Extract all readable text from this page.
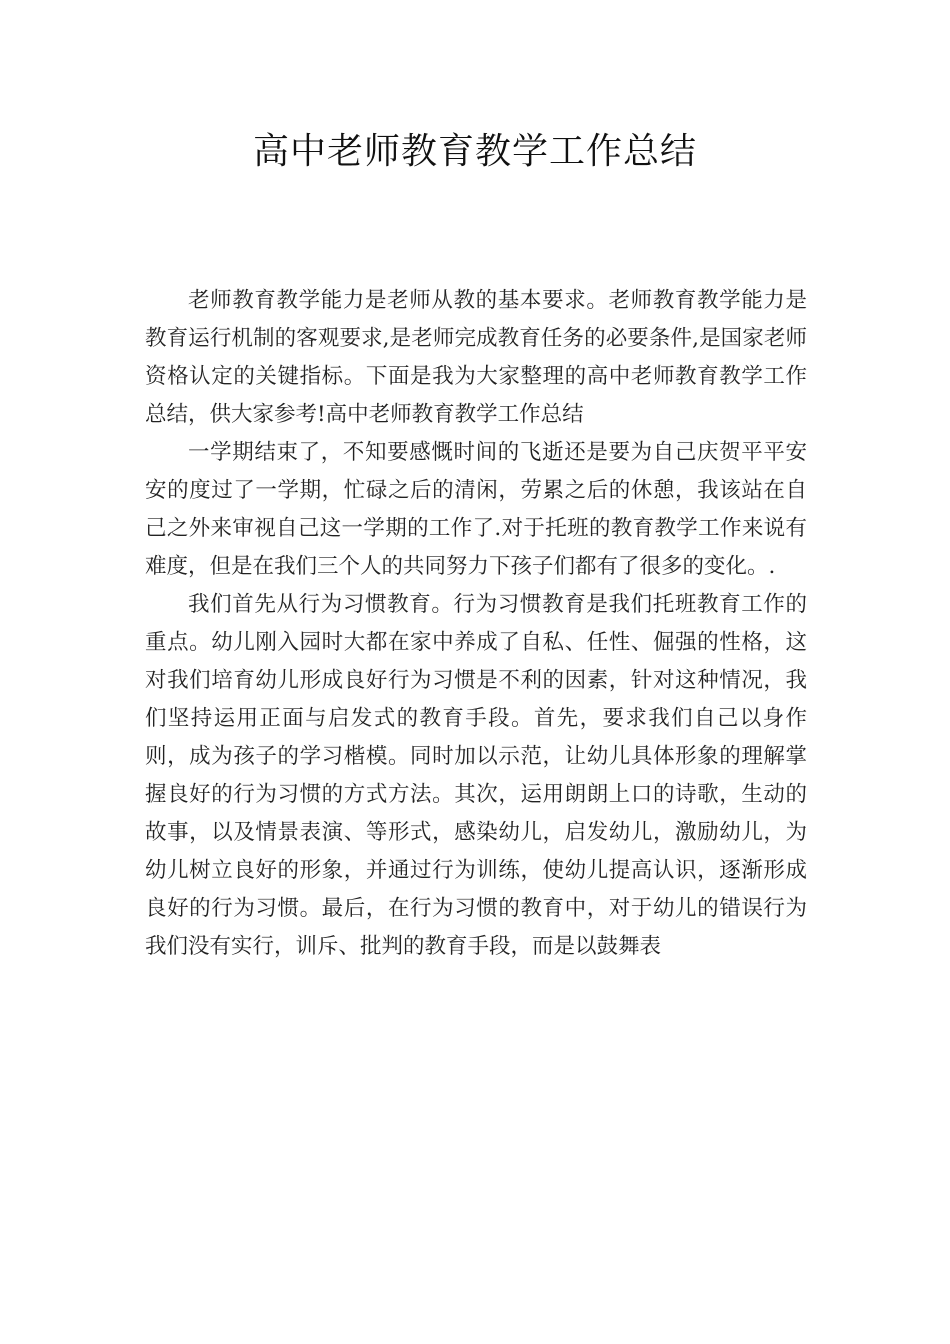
高中老师教育教学工作总结

老师教育教学能力是老师从教的基本要求。老师教育教学能力是教育运行机制的客观要求,是老师完成教育任务的必要条件,是国家老师资格认定的关键指标。下面是我为大家整理的高中老师教育教学工作总结，供大家参考!高中老师教育教学工作总结

一学期结束了，不知要感慨时间的飞逝还是要为自己庆贺平平安安的度过了一学期，忙碌之后的清闲，劳累之后的休憩，我该站在自己之外来审视自己这一学期的工作了.对于托班的教育教学工作来说有难度，但是在我们三个人的共同努力下孩子们都有了很多的变化。.

我们首先从行为习惯教育。行为习惯教育是我们托班教育工作的重点。幼儿刚入园时大都在家中养成了自私、任性、倔强的性格，这对我们培育幼儿形成良好行为习惯是不利的因素，针对这种情况，我们坚持运用正面与启发式的教育手段。首先，要求我们自己以身作则，成为孩子的学习楷模。同时加以示范，让幼儿具体形象的理解掌握良好的行为习惯的方式方法。其次，运用朗朗上口的诗歌，生动的故事，以及情景表演、等形式，感染幼儿，启发幼儿，激励幼儿，为幼儿树立良好的形象，并通过行为训练，使幼儿提高认识，逐渐形成良好的行为习惯。最后，在行为习惯的教育中，对于幼儿的错误行为我们没有实行，训斥、批判的教育手段，而是以鼓舞表
